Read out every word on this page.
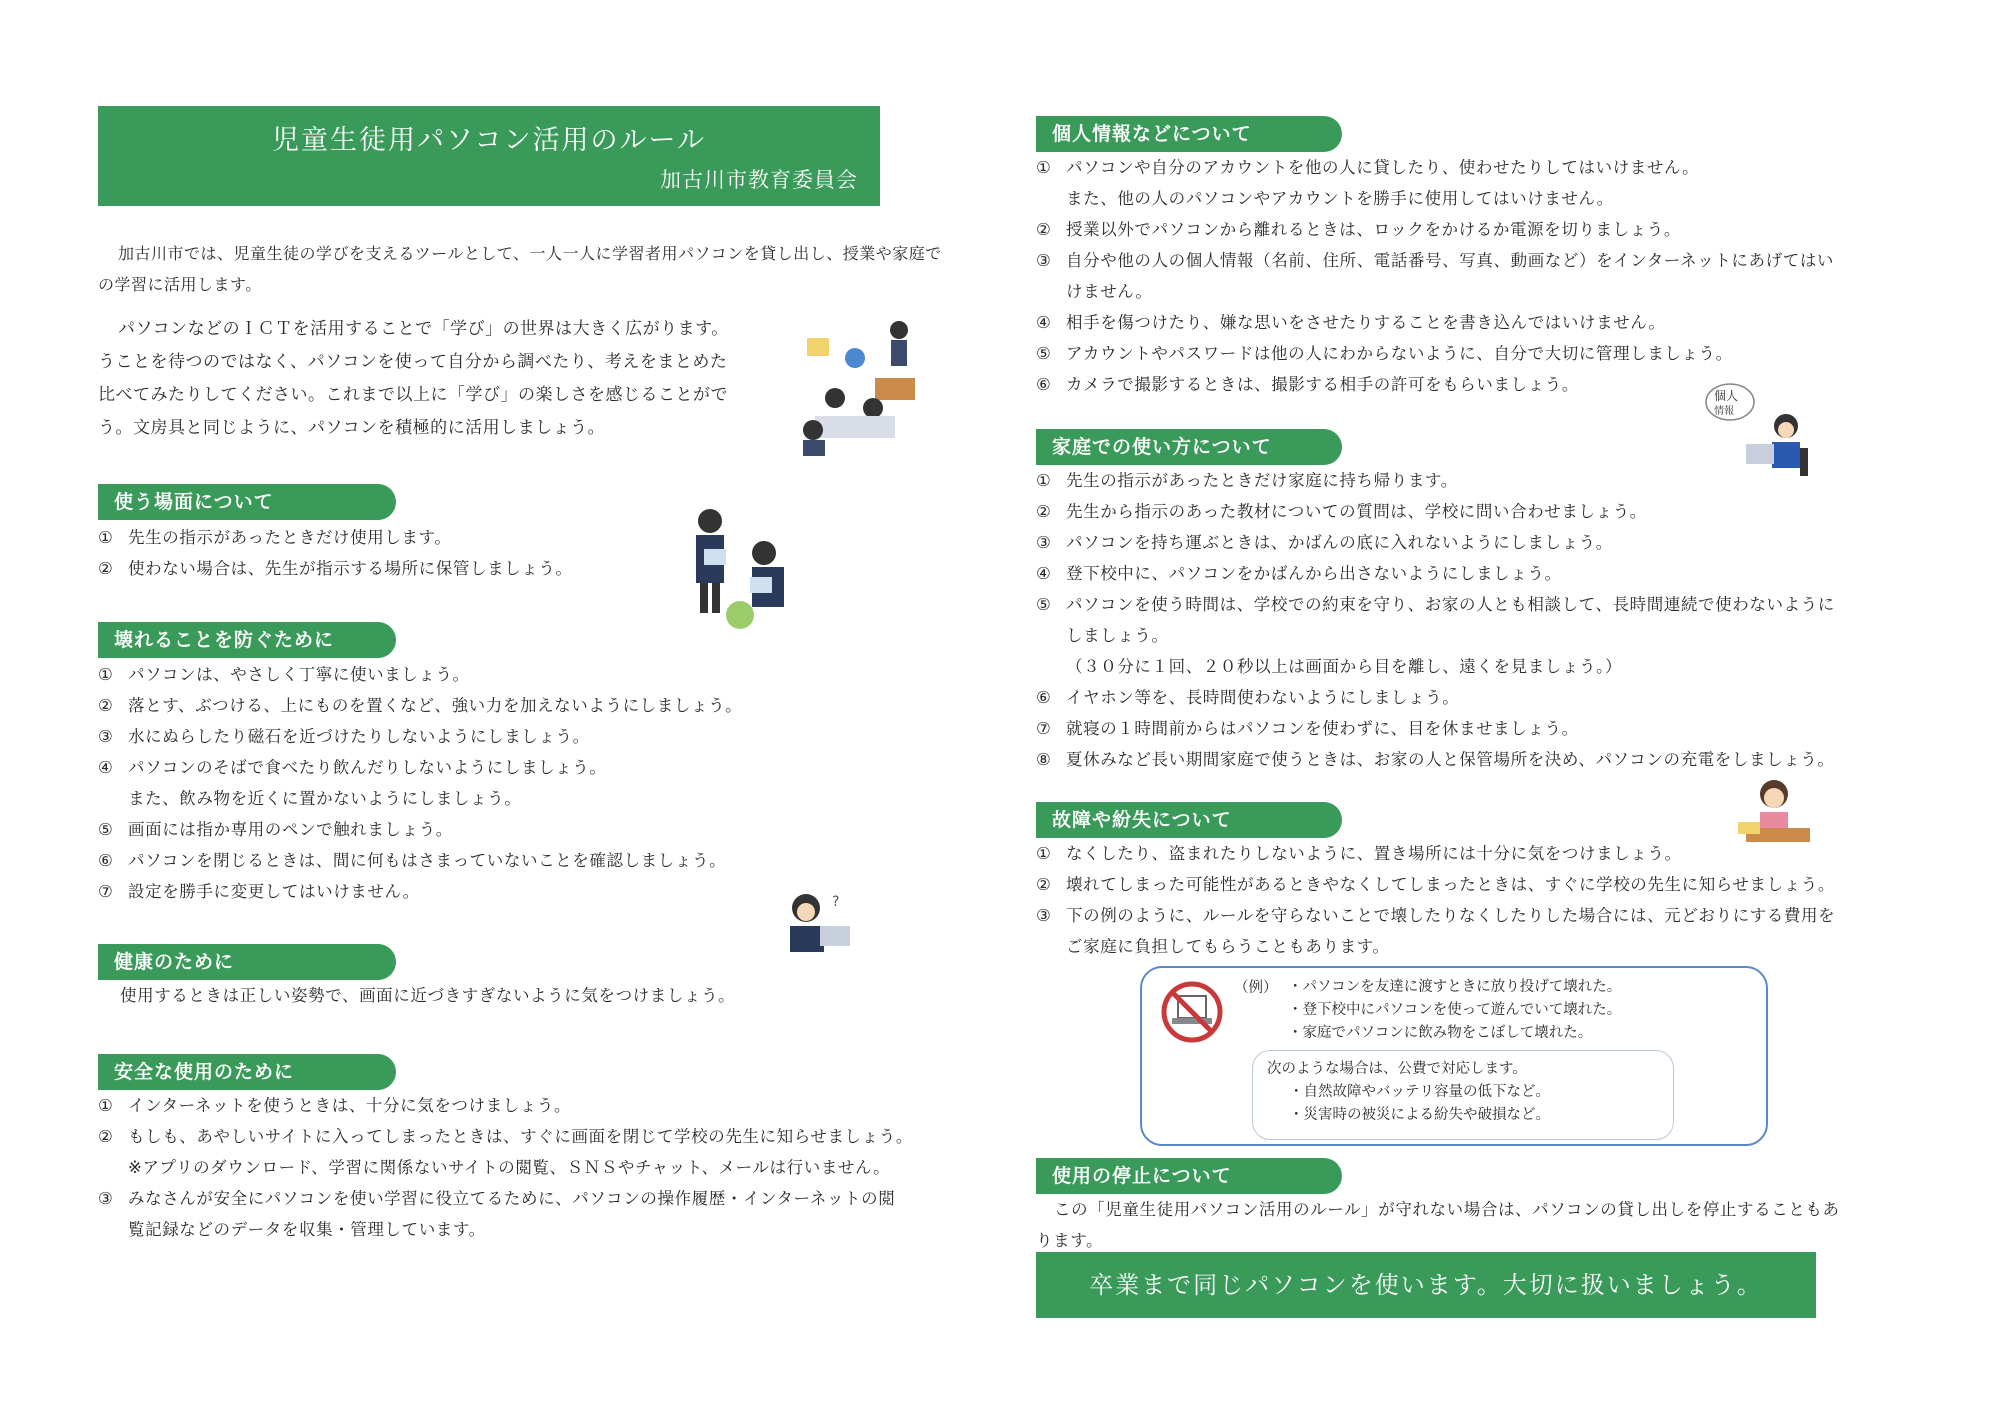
児童生徒用パソコン活用のルール
加古川市教育委員会
加古川市では、児童生徒の学びを支えるツールとして、一人一人に学習者用パソコンを貸し出し、授業や家庭で
の学習に活用します。
パソコンなどのＩＣＴを活用することで「学び」の世界は大きく広がります。
うことを待つのではなく、パソコンを使って自分から調べたり、考えをまとめた
比べてみたりしてください。これまで以上に「学び」の楽しさを感じることがで
う。文房具と同じように、パソコンを積極的に活用しましょう。
使う場面について
① 先生の指示があったときだけ使用します。
② 使わない場合は、先生が指示する場所に保管しましょう。
壊れることを防ぐために
① パソコンは、やさしく丁寧に使いましょう。
② 落とす、ぶつける、上にものを置くなど、強い力を加えないようにしましょう。
③ 水にぬらしたり磁石を近づけたりしないようにしましょう。
④ パソコンのそばで食べたり飲んだりしないようにしましょう。
また、飲み物を近くに置かないようにしましょう。
⑤ 画面には指か専用のペンで触れましょう。
⑥ パソコンを閉じるときは、間に何もはさまっていないことを確認しましょう。
⑦ 設定を勝手に変更してはいけません。
?
健康のために
使用するときは正しい姿勢で、画面に近づきすぎないように気をつけましょう。
安全な使用のために
① インターネットを使うときは、十分に気をつけましょう。
② もしも、あやしいサイトに入ってしまったときは、すぐに画面を閉じて学校の先生に知らせましょう。
※アプリのダウンロード、学習に関係ないサイトの閲覧、ＳＮＳやチャット、メールは行いません。
③ みなさんが安全にパソコンを使い学習に役立てるために、パソコンの操作履歴・インターネットの閲
覧記録などのデータを収集・管理しています。
個人情報などについて
① パソコンや自分のアカウントを他の人に貸したり、使わせたりしてはいけません。
また、他の人のパソコンやアカウントを勝手に使用してはいけません。
② 授業以外でパソコンから離れるときは、ロックをかけるか電源を切りましょう。
③ 自分や他の人の個人情報（名前、住所、電話番号、写真、動画など）をインターネットにあげてはい
けません。
④ 相手を傷つけたり、嫌な思いをさせたりすることを書き込んではいけません。
⑤ アカウントやパスワードは他の人にわからないように、自分で大切に管理しましょう。
⑥ カメラで撮影するときは、撮影する相手の許可をもらいましょう。
個人
情報
家庭での使い方について
① 先生の指示があったときだけ家庭に持ち帰ります。
② 先生から指示のあった教材についての質問は、学校に問い合わせましょう。
③ パソコンを持ち運ぶときは、かばんの底に入れないようにしましょう。
④ 登下校中に、パソコンをかばんから出さないようにしましょう。
⑤ パソコンを使う時間は、学校での約束を守り、お家の人とも相談して、長時間連続で使わないように
しましょう。
（３０分に１回、２０秒以上は画面から目を離し、遠くを見ましょう。）
⑥ イヤホン等を、長時間使わないようにしましょう。
⑦ 就寝の１時間前からはパソコンを使わずに、目を休ませましょう。
⑧ 夏休みなど長い期間家庭で使うときは、お家の人と保管場所を決め、パソコンの充電をしましょう。
故障や紛失について
① なくしたり、盗まれたりしないように、置き場所には十分に気をつけましょう。
② 壊れてしまった可能性があるときやなくしてしまったときは、すぐに学校の先生に知らせましょう。
③ 下の例のように、ルールを守らないことで壊したりなくしたりした場合には、元どおりにする費用を
ご家庭に負担してもらうこともあります。
（例） ・パソコンを友達に渡すときに放り投げて壊れた。
・登下校中にパソコンを使って遊んでいて壊れた。
・家庭でパソコンに飲み物をこぼして壊れた。
次のような場合は、公費で対応します。
・自然故障やバッテリ容量の低下など。
・災害時の被災による紛失や破損など。
使用の停止について
この「児童生徒用パソコン活用のルール」が守れない場合は、パソコンの貸し出しを停止することもあ
ります。
卒業まで同じパソコンを使います。大切に扱いましょう。
